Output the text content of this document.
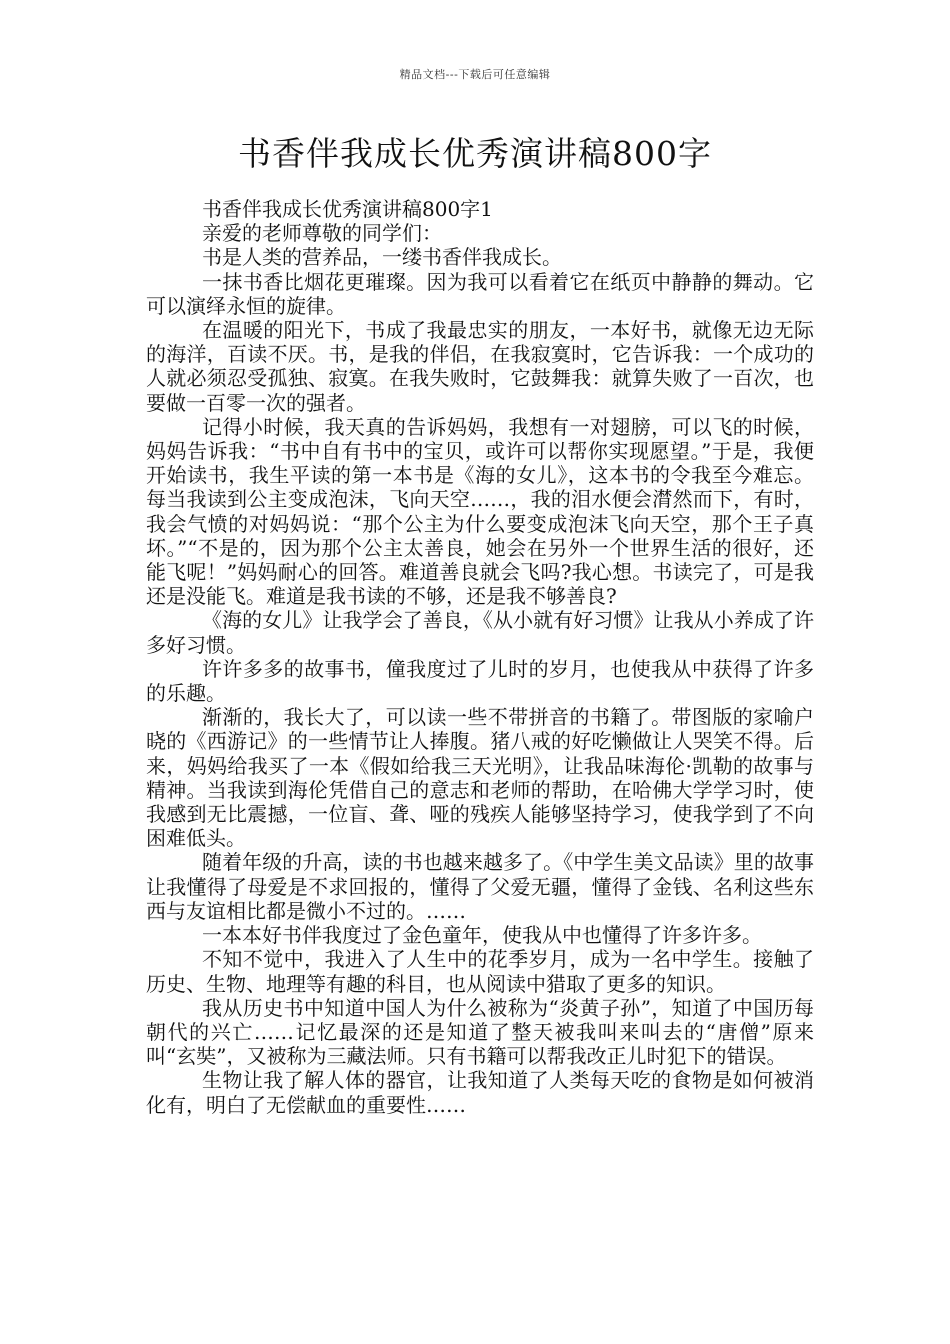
精品文档---下载后可任意编辑
书香伴我成长优秀演讲稿800字

书香伴我成长优秀演讲稿800字1

亲爱的老师尊敬的同学们：

书是人类的营养品，一缕书香伴我成长。

一抹书香比烟花更璀璨。因为我可以看着它在纸页中静静的舞动。它可以演绎永恒的旋律。

在温暖的阳光下，书成了我最忠实的朋友，一本好书，就像无边无际的海洋，百读不厌。书，是我的伴侣，在我寂寞时，它告诉我：一个成功的人就必须忍受孤独、寂寞。在我失败时，它鼓舞我：就算失败了一百次，也要做一百零一次的强者。

记得小时候，我天真的告诉妈妈，我想有一对翅膀，可以飞的时候，妈妈告诉我：“书中自有书中的宝贝，或许可以帮你实现愿望。”于是，我便开始读书，我生平读的第一本书是《海的女儿》，这本书的令我至今难忘。每当我读到公主变成泡沫，飞向天空……，我的泪水便会潸然而下，有时，我会气愤的对妈妈说：“那个公主为什么要变成泡沫飞向天空，那个王子真坏。”“不是的，因为那个公主太善良，她会在另外一个世界生活的很好，还能飞呢！”妈妈耐心的回答。难道善良就会飞吗?我心想。书读完了，可是我还是没能飞。难道是我书读的不够，还是我不够善良?

《海的女儿》让我学会了善良，《从小就有好习惯》让我从小养成了许多好习惯。

许许多多的故事书，僮我度过了儿时的岁月，也使我从中获得了许多的乐趣。

渐渐的，我长大了，可以读一些不带拼音的书籍了。带图版的家喻户晓的《西游记》的一些情节让人捧腹。猪八戒的好吃懒做让人哭笑不得。后来，妈妈给我买了一本《假如给我三天光明》，让我品味海伦·凯勒的故事与精神。当我读到海伦凭借自己的意志和老师的帮助，在哈佛大学学习时，使我感到无比震撼，一位盲、聋、哑的残疾人能够坚持学习，使我学到了不向困难低头。

随着年级的升高，读的书也越来越多了。《中学生美文品读》里的故事让我懂得了母爱是不求回报的，懂得了父爱无疆，懂得了金钱、名利这些东西与友谊相比都是微小不过的。……

一本本好书伴我度过了金色童年，使我从中也懂得了许多许多。

不知不觉中，我进入了人生中的花季岁月，成为一名中学生。接触了历史、生物、地理等有趣的科目，也从阅读中猎取了更多的知识。

我从历史书中知道中国人为什么被称为“炎黄子孙”，知道了中国历每朝代的兴亡……记忆最深的还是知道了整天被我叫来叫去的“唐僧”原来叫“玄奘”，又被称为三藏法师。只有书籍可以帮我改正儿时犯下的错误。

生物让我了解人体的器官，让我知道了人类每天吃的食物是如何被消化有，明白了无偿献血的重要性……
